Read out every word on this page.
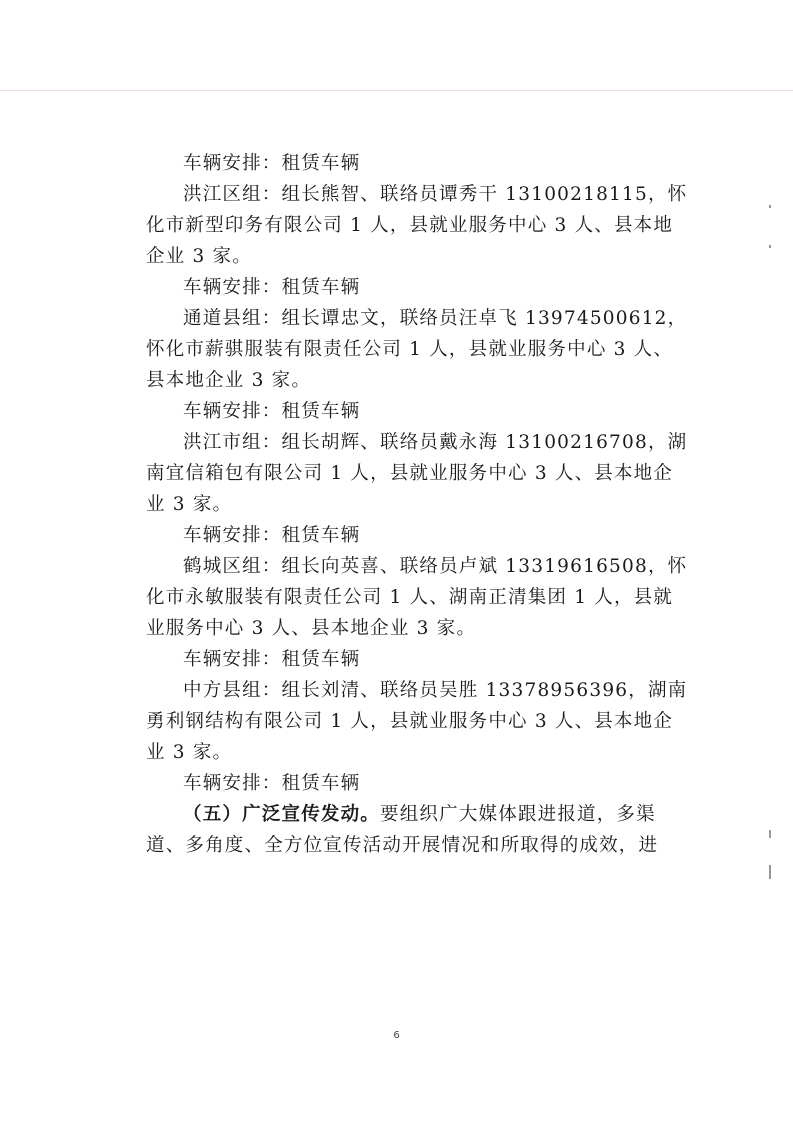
车辆安排：租赁车辆
洪江区组：组长熊智、联络员谭秀干 13100218115，怀
化市新型印务有限公司 1 人，县就业服务中心 3 人、县本地
企业 3 家。
车辆安排：租赁车辆
通道县组：组长谭忠文，联络员汪卓飞 13974500612，
怀化市薪骐服装有限责任公司 1 人，县就业服务中心 3 人、
县本地企业 3 家。
车辆安排：租赁车辆
洪江市组：组长胡辉、联络员戴永海 13100216708，湖
南宜信箱包有限公司 1 人，县就业服务中心 3 人、县本地企
业 3 家。
车辆安排：租赁车辆
鹤城区组：组长向英喜、联络员卢斌 13319616508，怀
化市永敏服装有限责任公司 1 人、湖南正清集团 1 人，县就
业服务中心 3 人、县本地企业 3 家。
车辆安排：租赁车辆
中方县组：组长刘清、联络员吴胜 13378956396，湖南
勇利钢结构有限公司 1 人，县就业服务中心 3 人、县本地企
业 3 家。
车辆安排：租赁车辆
（五）广泛宣传发动。要组织广大媒体跟进报道，多渠
道、多角度、全方位宣传活动开展情况和所取得的成效，进
6
